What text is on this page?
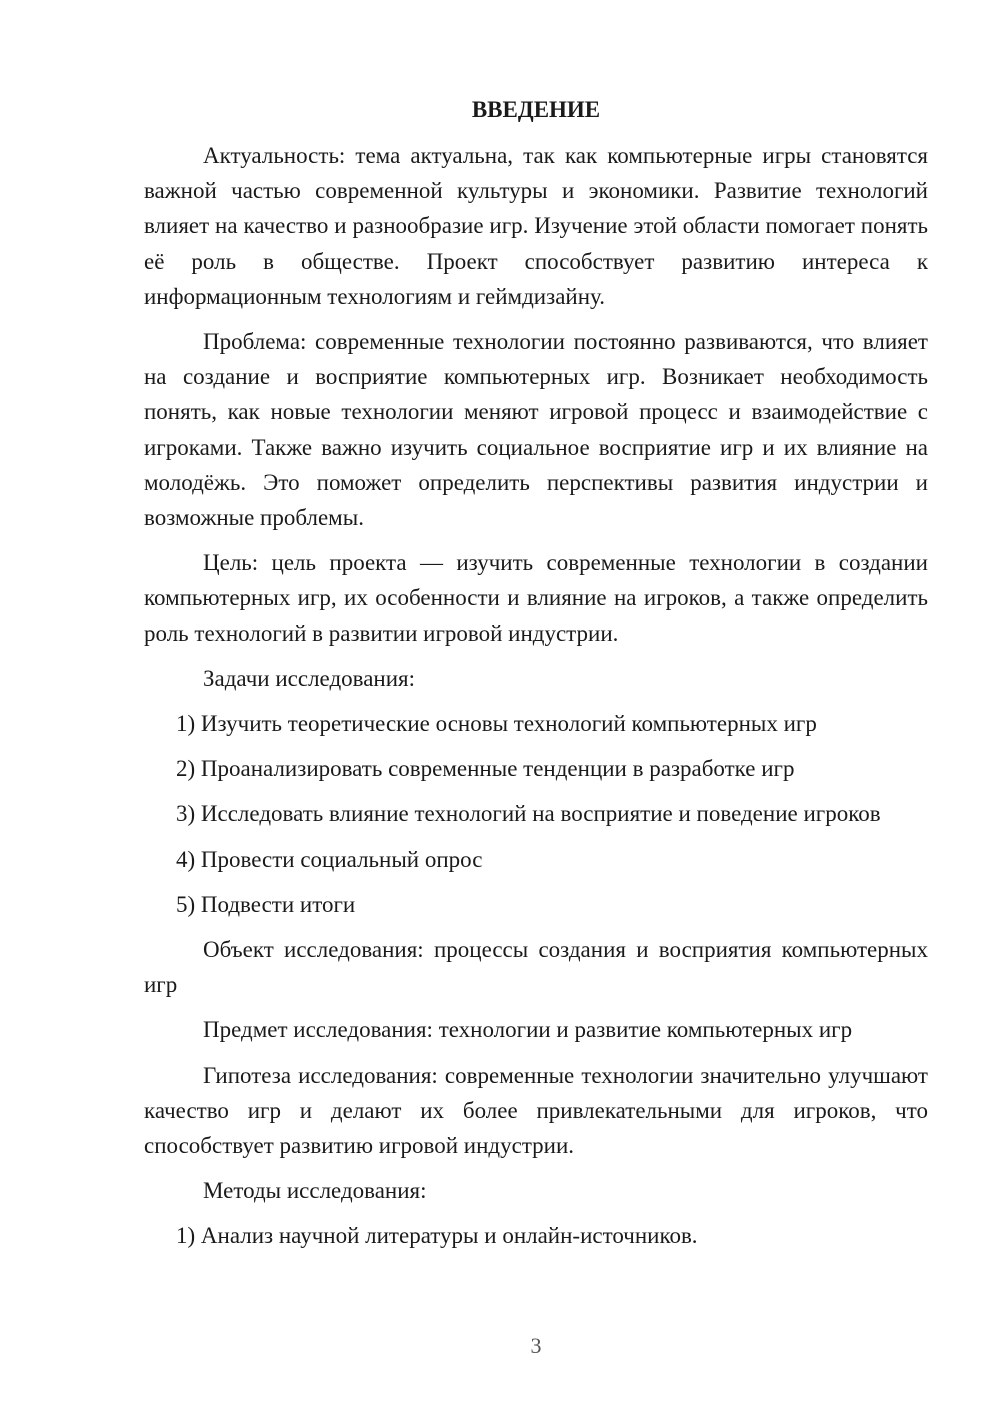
ВВЕДЕНИЕ

Актуальность: тема актуальна, так как компьютерные игры становятся важной частью современной культуры и экономики. Развитие технологий влияет на качество и разнообразие игр. Изучение этой области помогает понять её роль в обществе. Проект способствует развитию интереса к информационным технологиям и геймдизайну.

Проблема: современные технологии постоянно развиваются, что влияет на создание и восприятие компьютерных игр. Возникает необходимость понять, как новые технологии меняют игровой процесс и взаимодействие с игроками. Также важно изучить социальное восприятие игр и их влияние на молодёжь. Это поможет определить перспективы развития индустрии и возможные проблемы.

Цель: цель проекта — изучить современные технологии в создании компьютерных игр, их особенности и влияние на игроков, а также определить роль технологий в развитии игровой индустрии.

Задачи исследования:

1) Изучить теоретические основы технологий компьютерных игр

2) Проанализировать современные тенденции в разработке игр

3) Исследовать влияние технологий на восприятие и поведение игроков

4) Провести социальный опрос

5) Подвести итоги

Объект исследования: процессы создания и восприятия компьютерных игр

Предмет исследования: технологии и развитие компьютерных игр

Гипотеза исследования: современные технологии значительно улучшают качество игр и делают их более привлекательными для игроков, что способствует развитию игровой индустрии.

Методы исследования:

1) Анализ научной литературы и онлайн-источников.

3
